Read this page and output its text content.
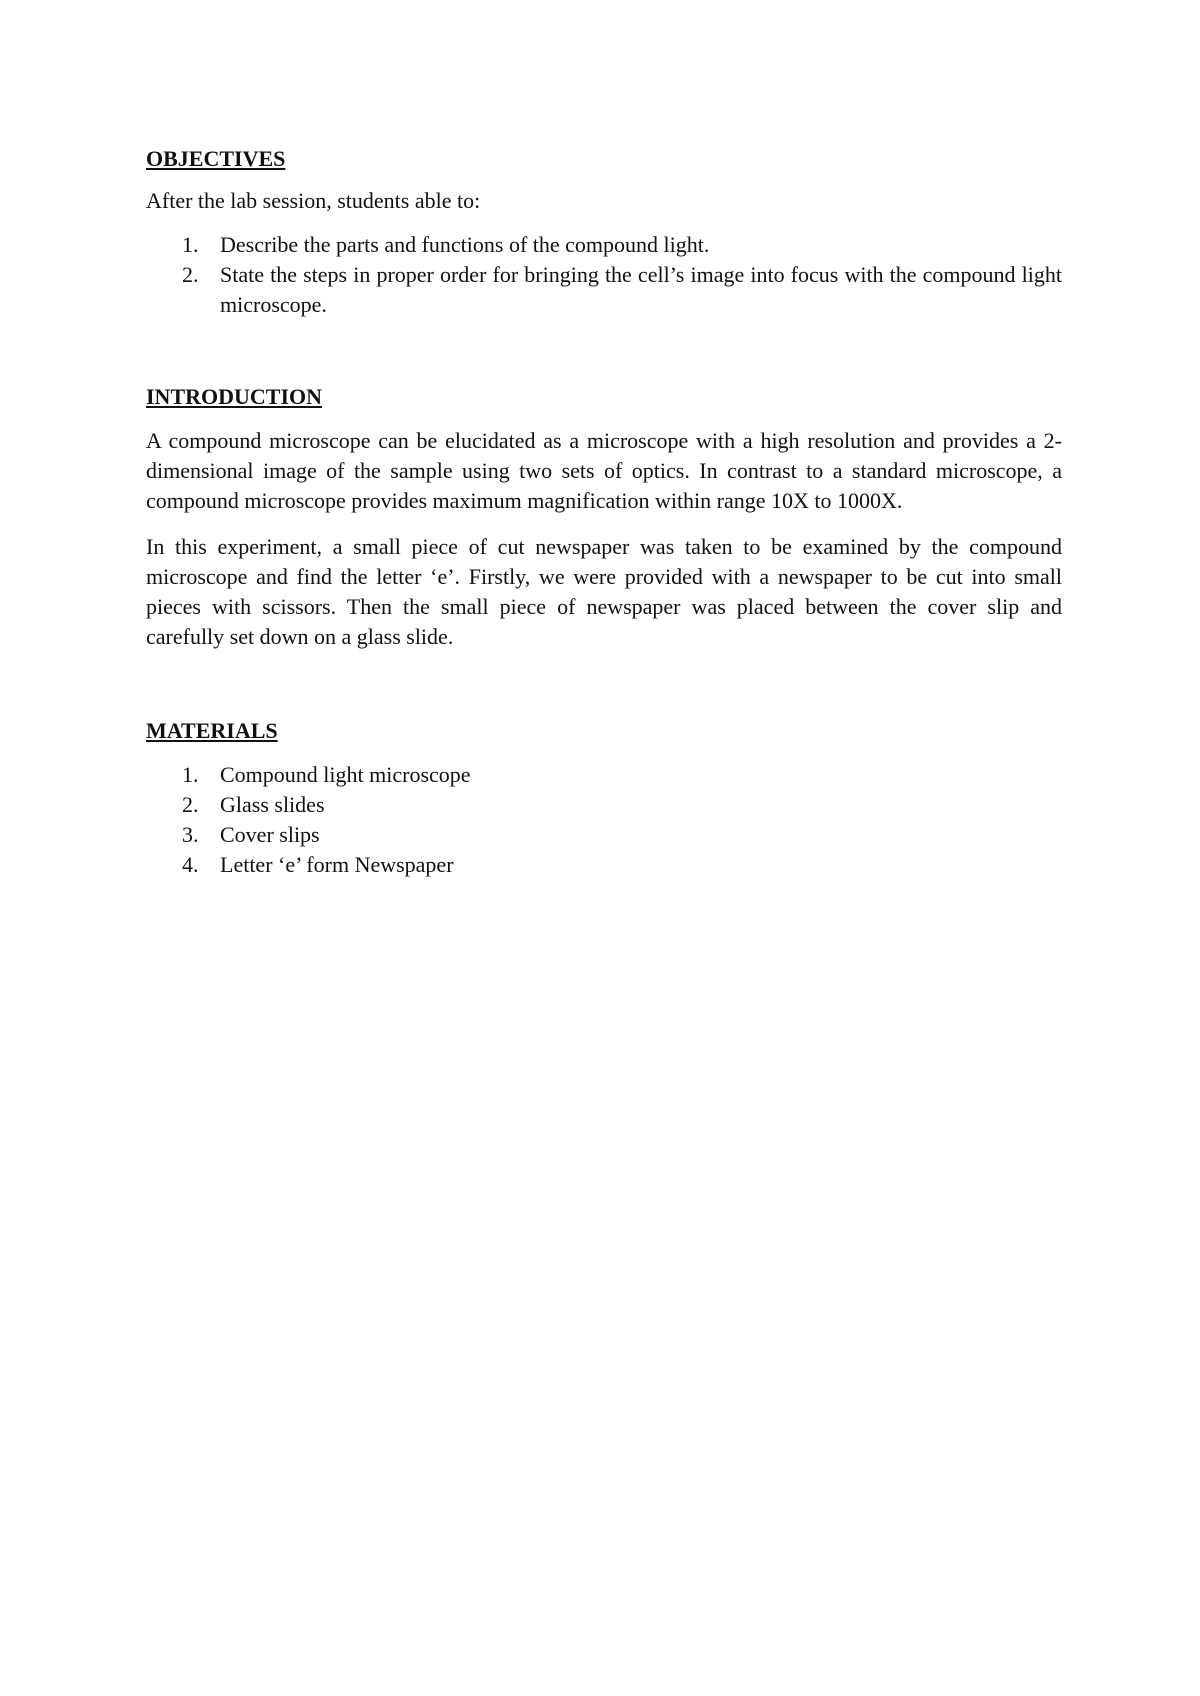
OBJECTIVES

After the lab session, students able to:

1. Describe the parts and functions of the compound light.
2. State the steps in proper order for bringing the cell’s image into focus with the compound light microscope.
INTRODUCTION

A compound microscope can be elucidated as a microscope with a high resolution and provides a 2-dimensional image of the sample using two sets of optics. In contrast to a standard microscope, a compound microscope provides maximum magnification within range 10X to 1000X.

In this experiment, a small piece of cut newspaper was taken to be examined by the compound microscope and find the letter ‘e’. Firstly, we were provided with a newspaper to be cut into small pieces with scissors. Then the small piece of newspaper was placed between the cover slip and carefully set down on a glass slide.

MATERIALS
1. Compound light microscope
2. Glass slides
3. Cover slips
4. Letter ‘e’ form Newspaper
